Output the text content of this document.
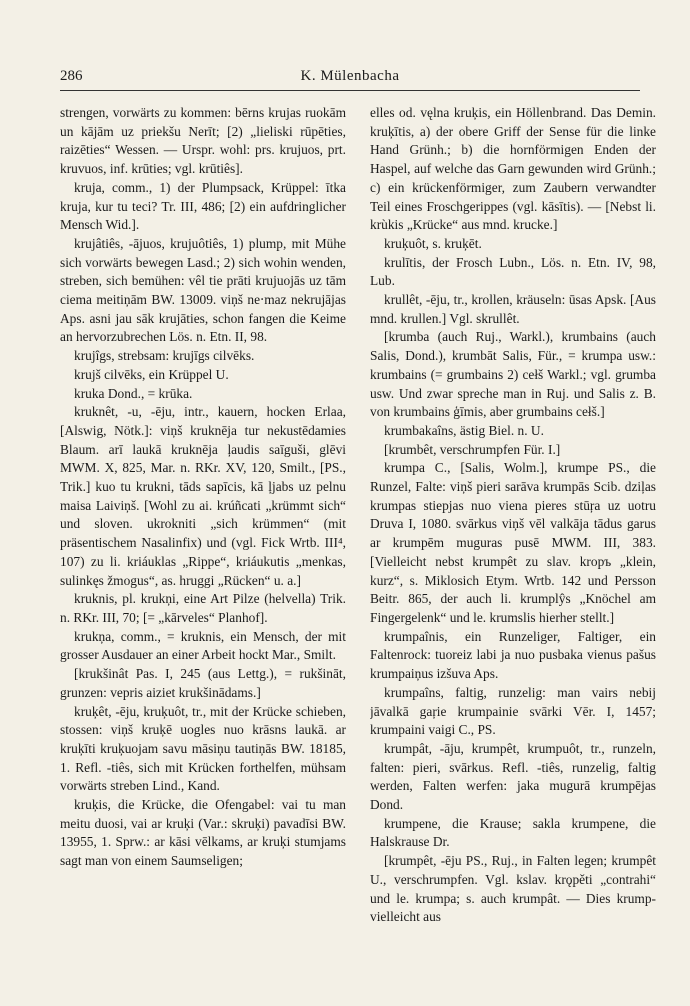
286	K. Mülenbacha

strengen, vorwärts zu kommen: bērns krujas ruokām un kājām uz priekšu Nerīt; [2) „lieliski rūpēties, raizēties“ Wessen. — Urspr. wohl: prs. krujuos, prt. kruvuos, inf. krūties; vgl. krūtiês].

kruja, comm., 1) der Plumpsack, Krüppel: ītka kruja, kur tu teci? Tr. III, 486; [2) ein aufdringlicher Mensch Wid.].

krujâtiês, -ājuos, krujuôtiês, 1) plump, mit Mühe sich vorwärts bewegen Lasd.; 2) sich wohin wenden, streben, sich bemühen: vêl tie prāti krujuojās uz tām ciema meitiņām BW. 13009. viņš ne‧maz nekrujājas Aps. asni jau sāk krujāties, schon fangen die Keime an hervorzubrechen Lös. n. Etn. II, 98.

krujîgs, strebsam: krujīgs cilvēks.

krujš cilvēks, ein Krüppel U.

kruka Dond., = krūka.

kruknêt, -u, -ēju, intr., kauern, hocken Erlaa, [Alswig, Nötk.]: viņš kruknēja tur nekustēdamies Blaum. arī laukā kruknēja ļaudis saīguši, glēvi MWM. X, 825, Mar. n. RKr. XV, 120, Smilt., [PS., Trik.] kuo tu krukni, tāds sapīcis, kā ļjabs uz pelnu maisa Laiviņš. [Wohl zu ai. krúñcati „krümmt sich“ und sloven. ukrokniti „sich krümmen“ (mit präsentischem Nasalinfix) und (vgl. Fick Wrtb. III⁴, 107) zu li. kriáuklas „Rippe“, kriáukutis „menkas, sulinkęs žmogus“, as. hruggi „Rücken“ u. a.]

kruknis, pl. krukņi, eine Art Pilze (helvella) Trik. n. RKr. III, 70; [= „kārveles“ Planhof].

krukņa, comm., = kruknis, ein Mensch, der mit grosser Ausdauer an einer Arbeit hockt Mar., Smilt.

[krukšinât Pas. I, 245 (aus Lettg.), = rukšināt, grunzen: vepris aiziet krukšinādams.]

kruķêt, -ēju, kruķuôt, tr., mit der Krücke schieben, stossen: viņš kruķē uogles nuo krāsns laukā. ar kruķīti kruķuojam savu māsiņu tautiņās BW. 18185, 1. Refl. -tiês, sich mit Krücken forthelfen, mühsam vorwärts streben Lind., Kand.

kruķis, die Krücke, die Ofengabel: vai tu man meitu duosi, vai ar kruķi (Var.: skruķi) pavadīsi BW. 13955, 1. Sprw.: ar kāsi vēlkams, ar kruķi stumjams sagt man von einem Saumseligen;

elles od. vęlna kruķis, ein Höllenbrand. Das Demin. kruķītis, a) der obere Griff der Sense für die linke Hand Grünh.; b) die hornförmigen Enden der Haspel, auf welche das Garn gewunden wird Grünh.; c) ein krückenförmiger, zum Zaubern verwandter Teil eines Froschgerippes (vgl. kāsītis). — [Nebst li. krùkis „Krücke“ aus mnd. krucke.]

kruķuôt, s. kruķēt.

krulītis, der Frosch Lubn., Lös. n. Etn. IV, 98, Lub.

krullêt, -ēju, tr., krollen, kräuseln: ūsas Apsk. [Aus mnd. krullen.] Vgl. skrullêt.

[krumba (auch Ruj., Warkl.), krumbains (auch Salis, Dond.), krumbāt Salis, Für., = krumpa usw.: krumbains (= grumbains 2) cełš Warkl.; vgl. grumba usw. Und zwar spreche man in Ruj. und Salis z. B. von krumbains ģīmis, aber grumbains cełš.]

krumbakaîns, ästig Biel. n. U.

[krumbêt, verschrumpfen Für. I.]

krumpa C., [Salis, Wolm.], krumpe PS., die Runzel, Falte: viņš pieri sarāva krumpās Scib. dziļas krumpas stiepjas nuo viena pieres stūŗa uz uotru Druva I, 1080. svārkus viņš vēl valkāja tādus garus ar krumpēm muguras pusē MWM. III, 383. [Vielleicht nebst krumpêt zu slav. kropъ „klein, kurz“, s. Miklosich Etym. Wrtb. 142 und Persson Beitr. 865, der auch li. krumplŷs „Knöchel am Fingergelenk“ und le. krumslis hierher stellt.]

krumpaînis, ein Runzeliger, Faltiger, ein Faltenrock: tuoreiz labi ja nuo pusbaka vienus pašus krumpaiņus izšuva Aps.

krumpaîns, faltig, runzelig: man vairs nebij jāvalkā gaŗie krumpainie svārki Vēr. I, 1457; krumpaini vaigi C., PS.

krumpât, -āju, krumpêt, krumpuôt, tr., runzeln, falten: pieri, svārkus. Refl. -tiês, runzelig, faltig werden, Falten werfen: jaka mugurā krumpējas Dond.

krumpene, die Krause; sakla krumpene, die Halskrause Dr.

[krumpêt, -ēju PS., Ruj., in Falten legen; krumpêt U., verschrumpfen. Vgl. kslav. krǫpěti „contrahi“ und le. krumpa; s. auch krumpât. — Dies krump- vielleicht aus
